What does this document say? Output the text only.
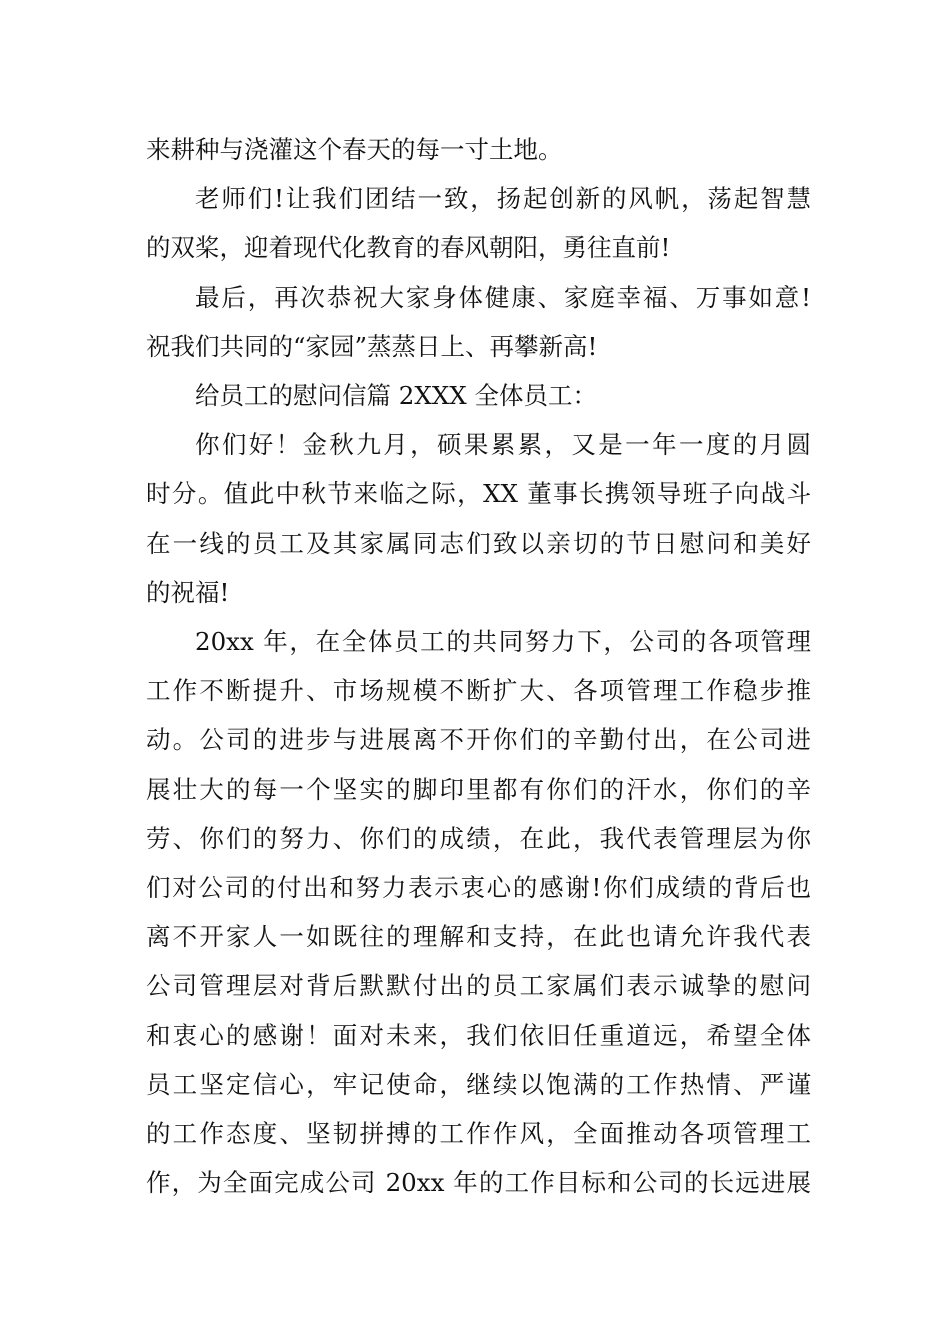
来耕种与浇灌这个春天的每一寸土地。
老师们!让我们团结一致，扬起创新的风帆，荡起智慧
的双桨，迎着现代化教育的春风朝阳，勇往直前!
最后，再次恭祝大家身体健康、家庭幸福、万事如意!
祝我们共同的“家园”蒸蒸日上、再攀新高!
给员工的慰问信篇 2XXX 全体员工：
你们好！金秋九月，硕果累累，又是一年一度的月圆
时分。值此中秋节来临之际，XX 董事长携领导班子向战斗
在一线的员工及其家属同志们致以亲切的节日慰问和美好
的祝福!
20xx 年，在全体员工的共同努力下，公司的各项管理
工作不断提升、市场规模不断扩大、各项管理工作稳步推
动。公司的进步与进展离不开你们的辛勤付出，在公司进
展壮大的每一个坚实的脚印里都有你们的汗水，你们的辛
劳、你们的努力、你们的成绩，在此，我代表管理层为你
们对公司的付出和努力表示衷心的感谢!你们成绩的背后也
离不开家人一如既往的理解和支持，在此也请允许我代表
公司管理层对背后默默付出的员工家属们表示诚挚的慰问
和衷心的感谢！面对未来，我们依旧任重道远，希望全体
员工坚定信心，牢记使命，继续以饱满的工作热情、严谨
的工作态度、坚韧拼搏的工作作风，全面推动各项管理工
作，为全面完成公司 20xx 年的工作目标和公司的长远进展
